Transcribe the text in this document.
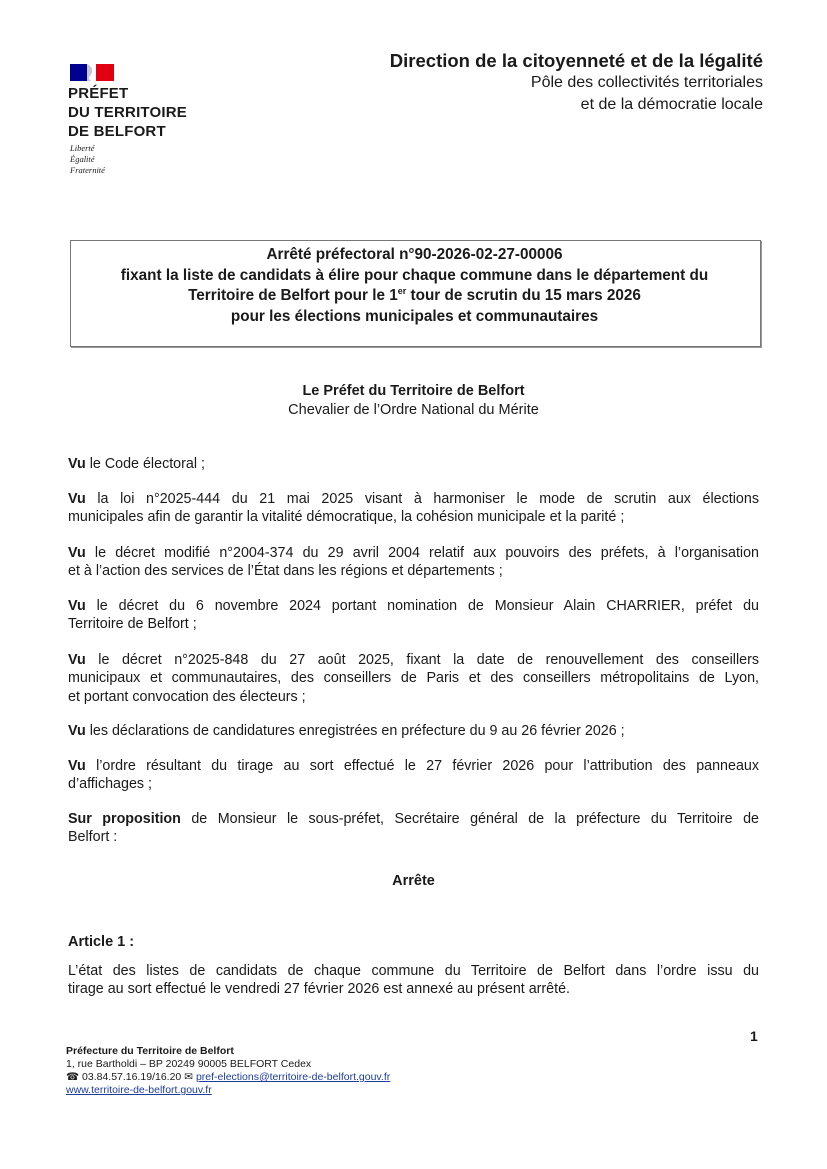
PRÉFET
DU TERRITOIRE
DE BELFORT
Liberté
Égalité
Fraternité
Direction de la citoyenneté et de la légalité
Pôle des collectivités territoriales
et de la démocratie locale
Arrêté préfectoral n°90-2026-02-27-00006
fixant la liste de candidats à élire pour chaque commune dans le département du
Territoire de Belfort pour le 1er tour de scrutin du 15 mars 2026
pour les élections municipales et communautaires
Le Préfet du Territoire de Belfort
Chevalier de l’Ordre National du Mérite
Vu le Code électoral ;
Vu la loi n°2025-444 du 21 mai 2025 visant à harmoniser le mode de scrutin aux élections
municipales afin de garantir la vitalité démocratique, la cohésion municipale et la parité ;
Vu le décret modifié n°2004-374 du 29 avril 2004 relatif aux pouvoirs des préfets, à l’organisation
et à l’action des services de l’État dans les régions et départements ;
Vu le décret du 6 novembre 2024 portant nomination de Monsieur Alain CHARRIER, préfet du
Territoire de Belfort ;
Vu le décret n°2025-848 du 27 août 2025, fixant la date de renouvellement des conseillers
municipaux et communautaires, des conseillers de Paris et des conseillers métropolitains de Lyon,
et portant convocation des électeurs ;
Vu les déclarations de candidatures enregistrées en préfecture du 9 au 26 février 2026 ;
Vu l’ordre résultant du tirage au sort effectué le 27 février 2026 pour l’attribution des panneaux
d’affichages ;
Sur proposition de Monsieur le sous-préfet, Secrétaire général de la préfecture du Territoire de
Belfort :
Arrête
Article 1 :
L’état des listes de candidats de chaque commune du Territoire de Belfort dans l’ordre issu du
tirage au sort effectué le vendredi 27 février 2026 est annexé au présent arrêté.
1
Préfecture du Territoire de Belfort
1, rue Bartholdi – BP 20249 90005 BELFORT Cedex
☎ 03.84.57.16.19/16.20 ✉ pref-elections@territoire-de-belfort.gouv.fr
www.territoire-de-belfort.gouv.fr
